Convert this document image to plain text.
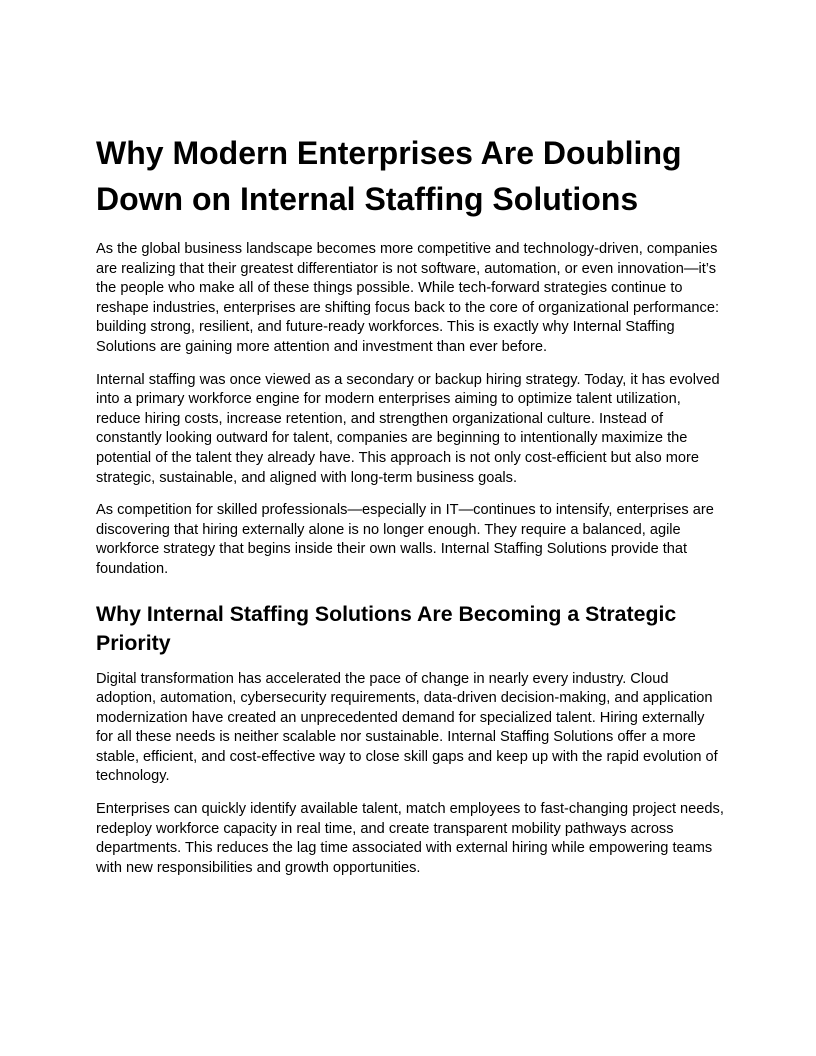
Why Modern Enterprises Are Doubling Down on Internal Staffing Solutions

As the global business landscape becomes more competitive and technology-driven, companies are realizing that their greatest differentiator is not software, automation, or even innovation—it’s the people who make all of these things possible. While tech-forward strategies continue to reshape industries, enterprises are shifting focus back to the core of organizational performance: building strong, resilient, and future-ready workforces. This is exactly why Internal Staffing Solutions are gaining more attention and investment than ever before.

Internal staffing was once viewed as a secondary or backup hiring strategy. Today, it has evolved into a primary workforce engine for modern enterprises aiming to optimize talent utilization, reduce hiring costs, increase retention, and strengthen organizational culture. Instead of constantly looking outward for talent, companies are beginning to intentionally maximize the potential of the talent they already have. This approach is not only cost-efficient but also more strategic, sustainable, and aligned with long-term business goals.

As competition for skilled professionals—especially in IT—continues to intensify, enterprises are discovering that hiring externally alone is no longer enough. They require a balanced, agile workforce strategy that begins inside their own walls. Internal Staffing Solutions provide that foundation.

Why Internal Staffing Solutions Are Becoming a Strategic Priority

Digital transformation has accelerated the pace of change in nearly every industry. Cloud adoption, automation, cybersecurity requirements, data-driven decision-making, and application modernization have created an unprecedented demand for specialized talent. Hiring externally for all these needs is neither scalable nor sustainable. Internal Staffing Solutions offer a more stable, efficient, and cost-effective way to close skill gaps and keep up with the rapid evolution of technology.

Enterprises can quickly identify available talent, match employees to fast-changing project needs, redeploy workforce capacity in real time, and create transparent mobility pathways across departments. This reduces the lag time associated with external hiring while empowering teams with new responsibilities and growth opportunities.
